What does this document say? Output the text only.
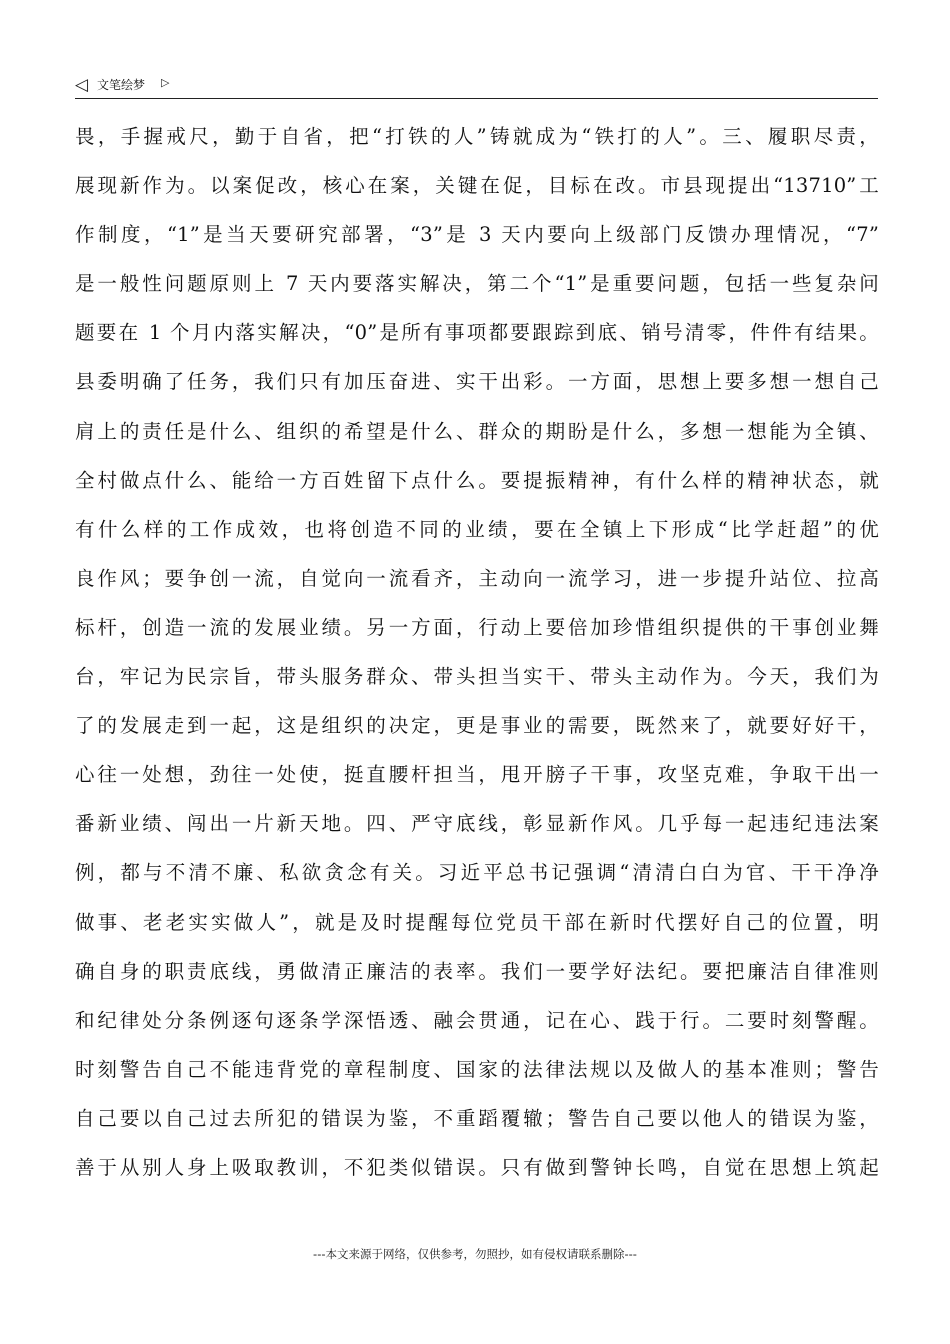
◁ 文笔绘梦 ▷
畏，手握戒尺，勤于自省，把“打铁的人”铸就成为“铁打的人”。三、履职尽责，
展现新作为。以案促改，核心在案，关键在促，目标在改。市县现提出“13710”工
作制度，“1”是当天要研究部署，“3”是 3 天内要向上级部门反馈办理情况，“7”
是一般性问题原则上 7 天内要落实解决，第二个“1”是重要问题，包括一些复杂问
题要在 1 个月内落实解决，“0”是所有事项都要跟踪到底、销号清零，件件有结果。
县委明确了任务，我们只有加压奋进、实干出彩。一方面，思想上要多想一想自己
肩上的责任是什么、组织的希望是什么、群众的期盼是什么，多想一想能为全镇、
全村做点什么、能给一方百姓留下点什么。要提振精神，有什么样的精神状态，就
有什么样的工作成效，也将创造不同的业绩，要在全镇上下形成“比学赶超”的优
良作风；要争创一流，自觉向一流看齐，主动向一流学习，进一步提升站位、拉高
标杆，创造一流的发展业绩。另一方面，行动上要倍加珍惜组织提供的干事创业舞
台，牢记为民宗旨，带头服务群众、带头担当实干、带头主动作为。今天，我们为
了的发展走到一起，这是组织的决定，更是事业的需要，既然来了，就要好好干，
心往一处想，劲往一处使，挺直腰杆担当，甩开膀子干事，攻坚克难，争取干出一
番新业绩、闯出一片新天地。四、严守底线，彰显新作风。几乎每一起违纪违法案
例，都与不清不廉、私欲贪念有关。习近平总书记强调“清清白白为官、干干净净
做事、老老实实做人”，就是及时提醒每位党员干部在新时代摆好自己的位置，明
确自身的职责底线，勇做清正廉洁的表率。我们一要学好法纪。要把廉洁自律准则
和纪律处分条例逐句逐条学深悟透、融会贯通，记在心、践于行。二要时刻警醒。
时刻警告自己不能违背党的章程制度、国家的法律法规以及做人的基本准则；警告
自己要以自己过去所犯的错误为鉴，不重蹈覆辙；警告自己要以他人的错误为鉴，
善于从别人身上吸取教训，不犯类似错误。只有做到警钟长鸣，自觉在思想上筑起
---本文来源于网络，仅供参考，勿照抄，如有侵权请联系删除---
